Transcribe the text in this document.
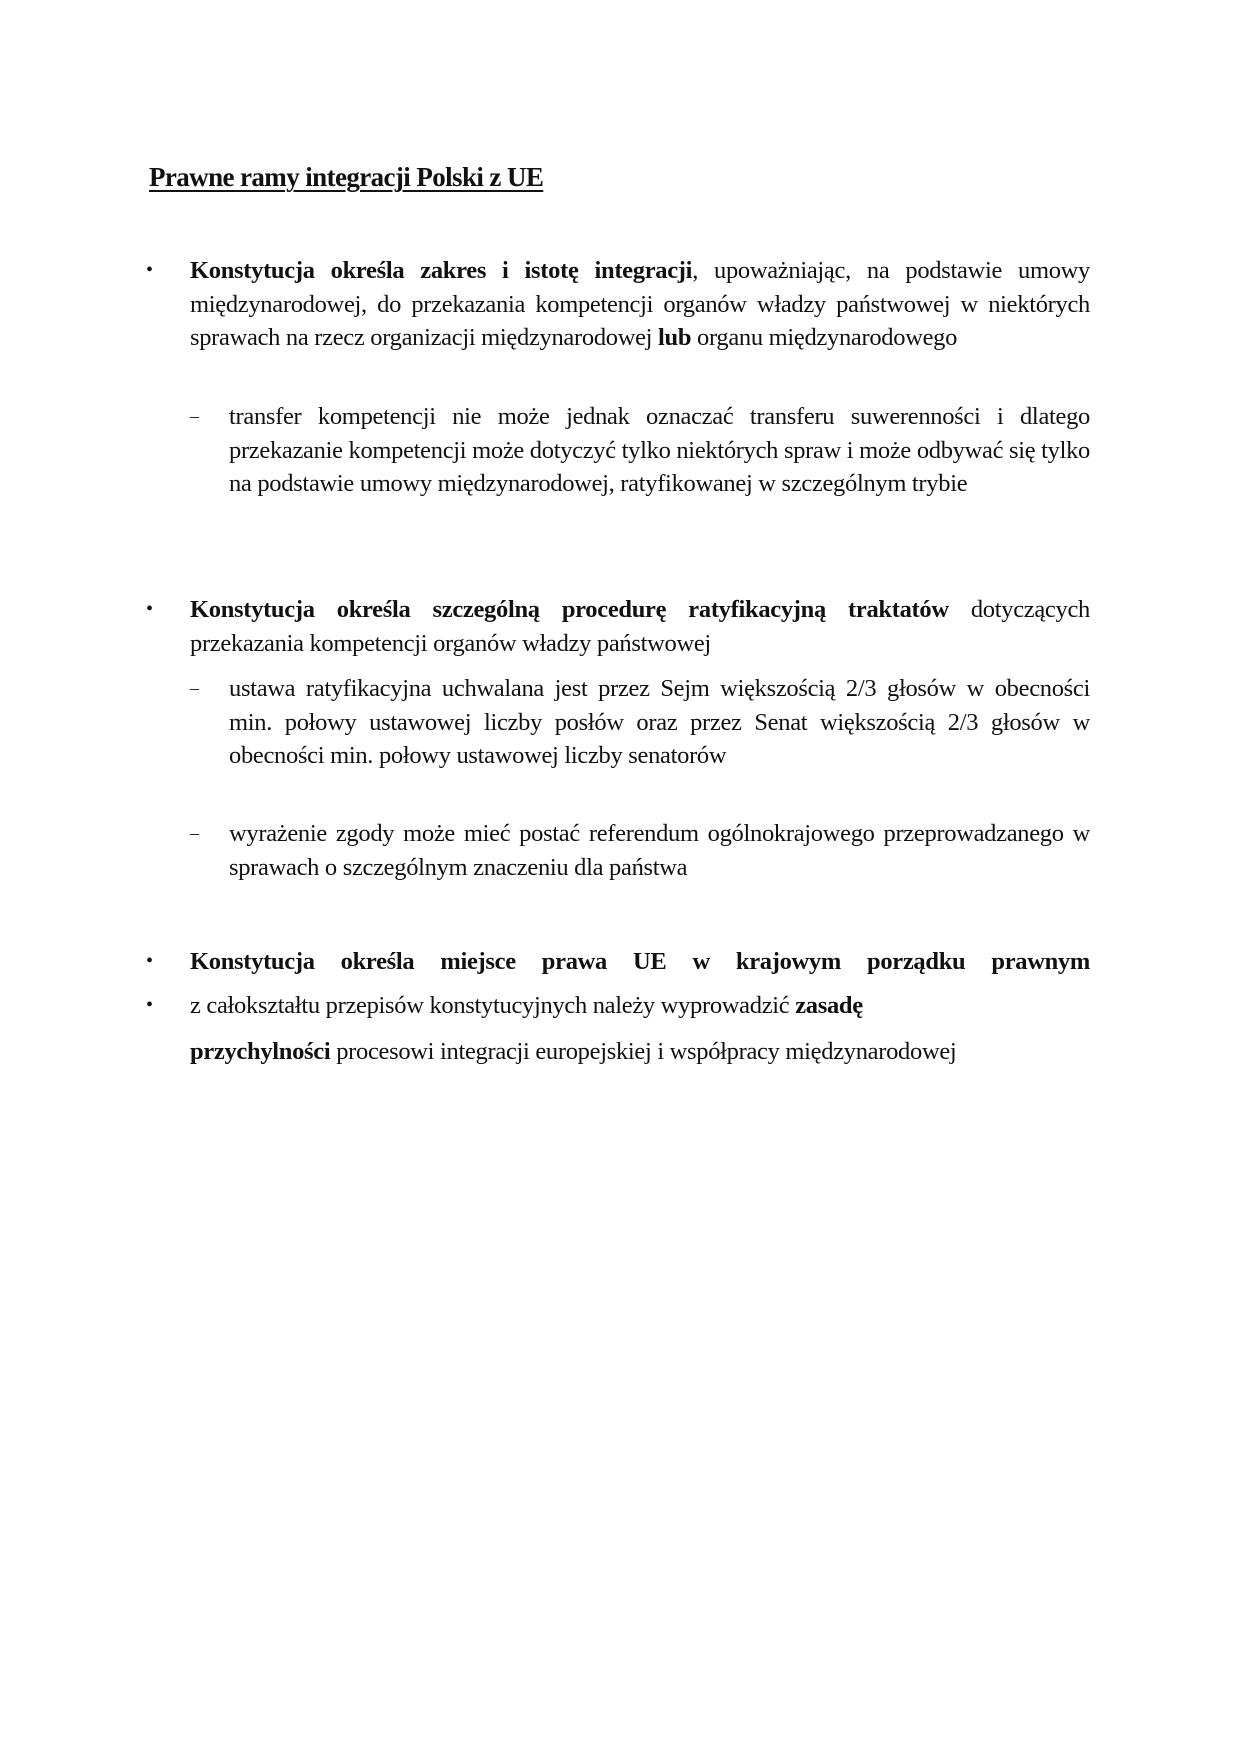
Prawne ramy integracji Polski z UE
• Konstytucja określa zakres i istotę integracji, upoważniając, na podstawie umowy międzynarodowej, do przekazania kompetencji organów władzy państwowej w niektórych sprawach na rzecz organizacji międzynarodowej lub organu międzynarodowego
– transfer kompetencji nie może jednak oznaczać transferu suwerenności i dlatego przekazanie kompetencji może dotyczyć tylko niektórych spraw i może odbywać się tylko na podstawie umowy międzynarodowej, ratyfikowanej w szczególnym trybie
• Konstytucja określa szczególną procedurę ratyfikacyjną traktatów dotyczących przekazania kompetencji organów władzy państwowej
– ustawa ratyfikacyjna uchwalana jest przez Sejm większością 2/3 głosów w obecności min. połowy ustawowej liczby posłów oraz przez Senat większością 2/3 głosów w obecności min. połowy ustawowej liczby senatorów
– wyrażenie zgody może mieć postać referendum ogólnokrajowego przeprowadzanego w sprawach o szczególnym znaczeniu dla państwa
• Konstytucja określa miejsce prawa UE w krajowym porządku prawnym
• z całokształtu przepisów konstytucyjnych należy wyprowadzić zasadę
przychylności procesowi integracji europejskiej i współpracy międzynarodowej
